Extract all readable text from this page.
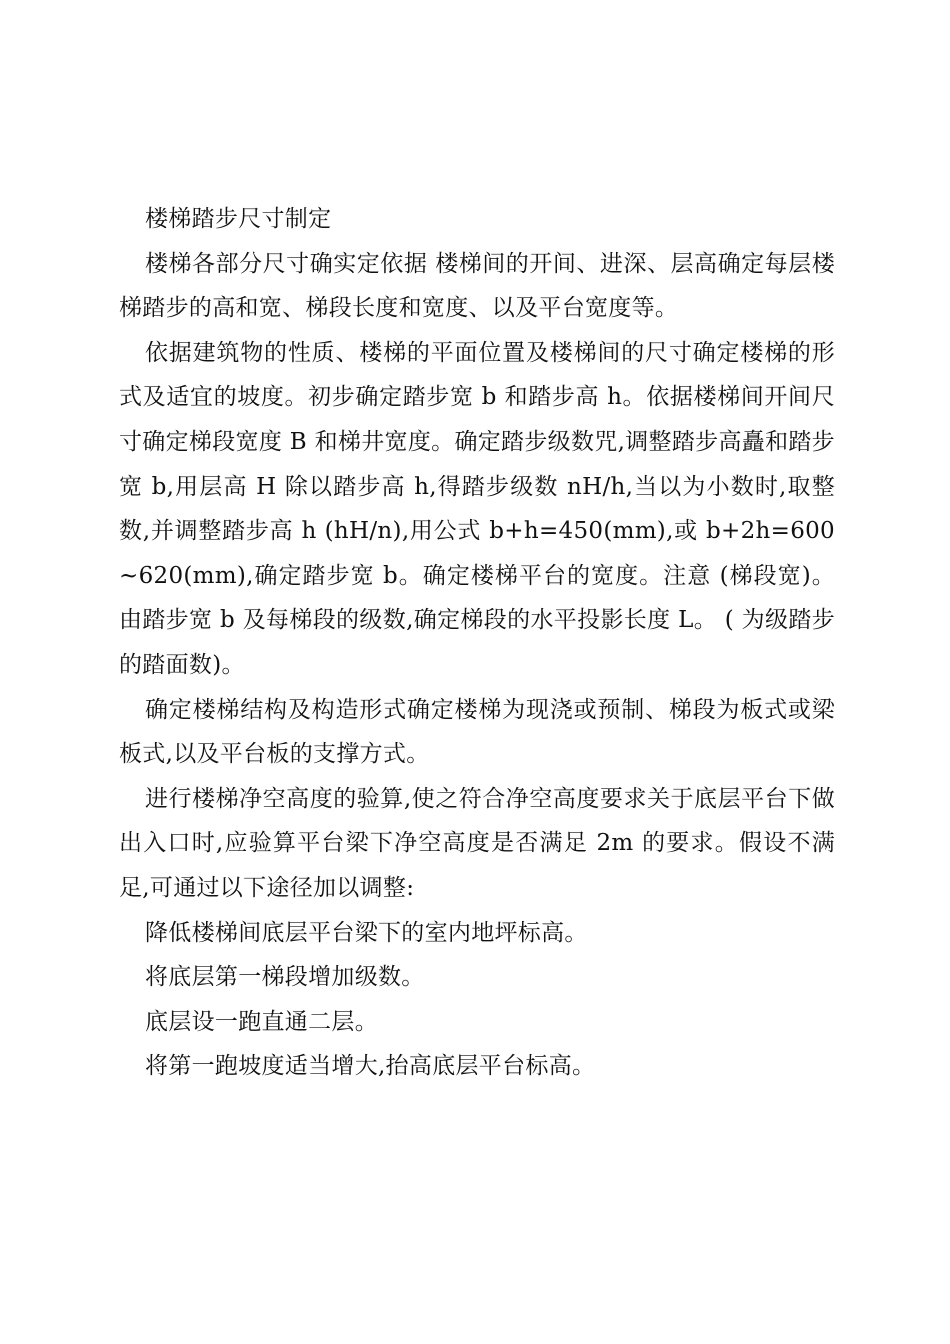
楼梯踏步尺寸制定

楼梯各部分尺寸确实定依据 楼梯间的开间、进深、层高确定每层楼梯踏步的高和宽、梯段长度和宽度、以及平台宽度等。

依据建筑物的性质、楼梯的平面位置及楼梯间的尺寸确定楼梯的形式及适宜的坡度。初步确定踏步宽 b 和踏步高 h。依据楼梯间开间尺寸确定梯段宽度 B 和梯井宽度。确定踏步级数咒,调整踏步高矗和踏步宽 b,用层高 H 除以踏步高 h,得踏步级数 nH/h,当以为小数时,取整数,并调整踏步高 h (hH/n),用公式 b+h=450(mm),或 b+2h=600~620(mm),确定踏步宽 b。确定楼梯平台的宽度。注意 (梯段宽)。由踏步宽 b 及每梯段的级数,确定梯段的水平投影长度 L。 ( 为级踏步的踏面数)。

确定楼梯结构及构造形式确定楼梯为现浇或预制、梯段为板式或梁板式,以及平台板的支撑方式。

进行楼梯净空高度的验算,使之符合净空高度要求关于底层平台下做出入口时,应验算平台梁下净空高度是否满足 2m 的要求。假设不满足,可通过以下途径加以调整:

降低楼梯间底层平台梁下的室内地坪标高。

将底层第一梯段增加级数。

底层设一跑直通二层。

将第一跑坡度适当增大,抬高底层平台标高。
